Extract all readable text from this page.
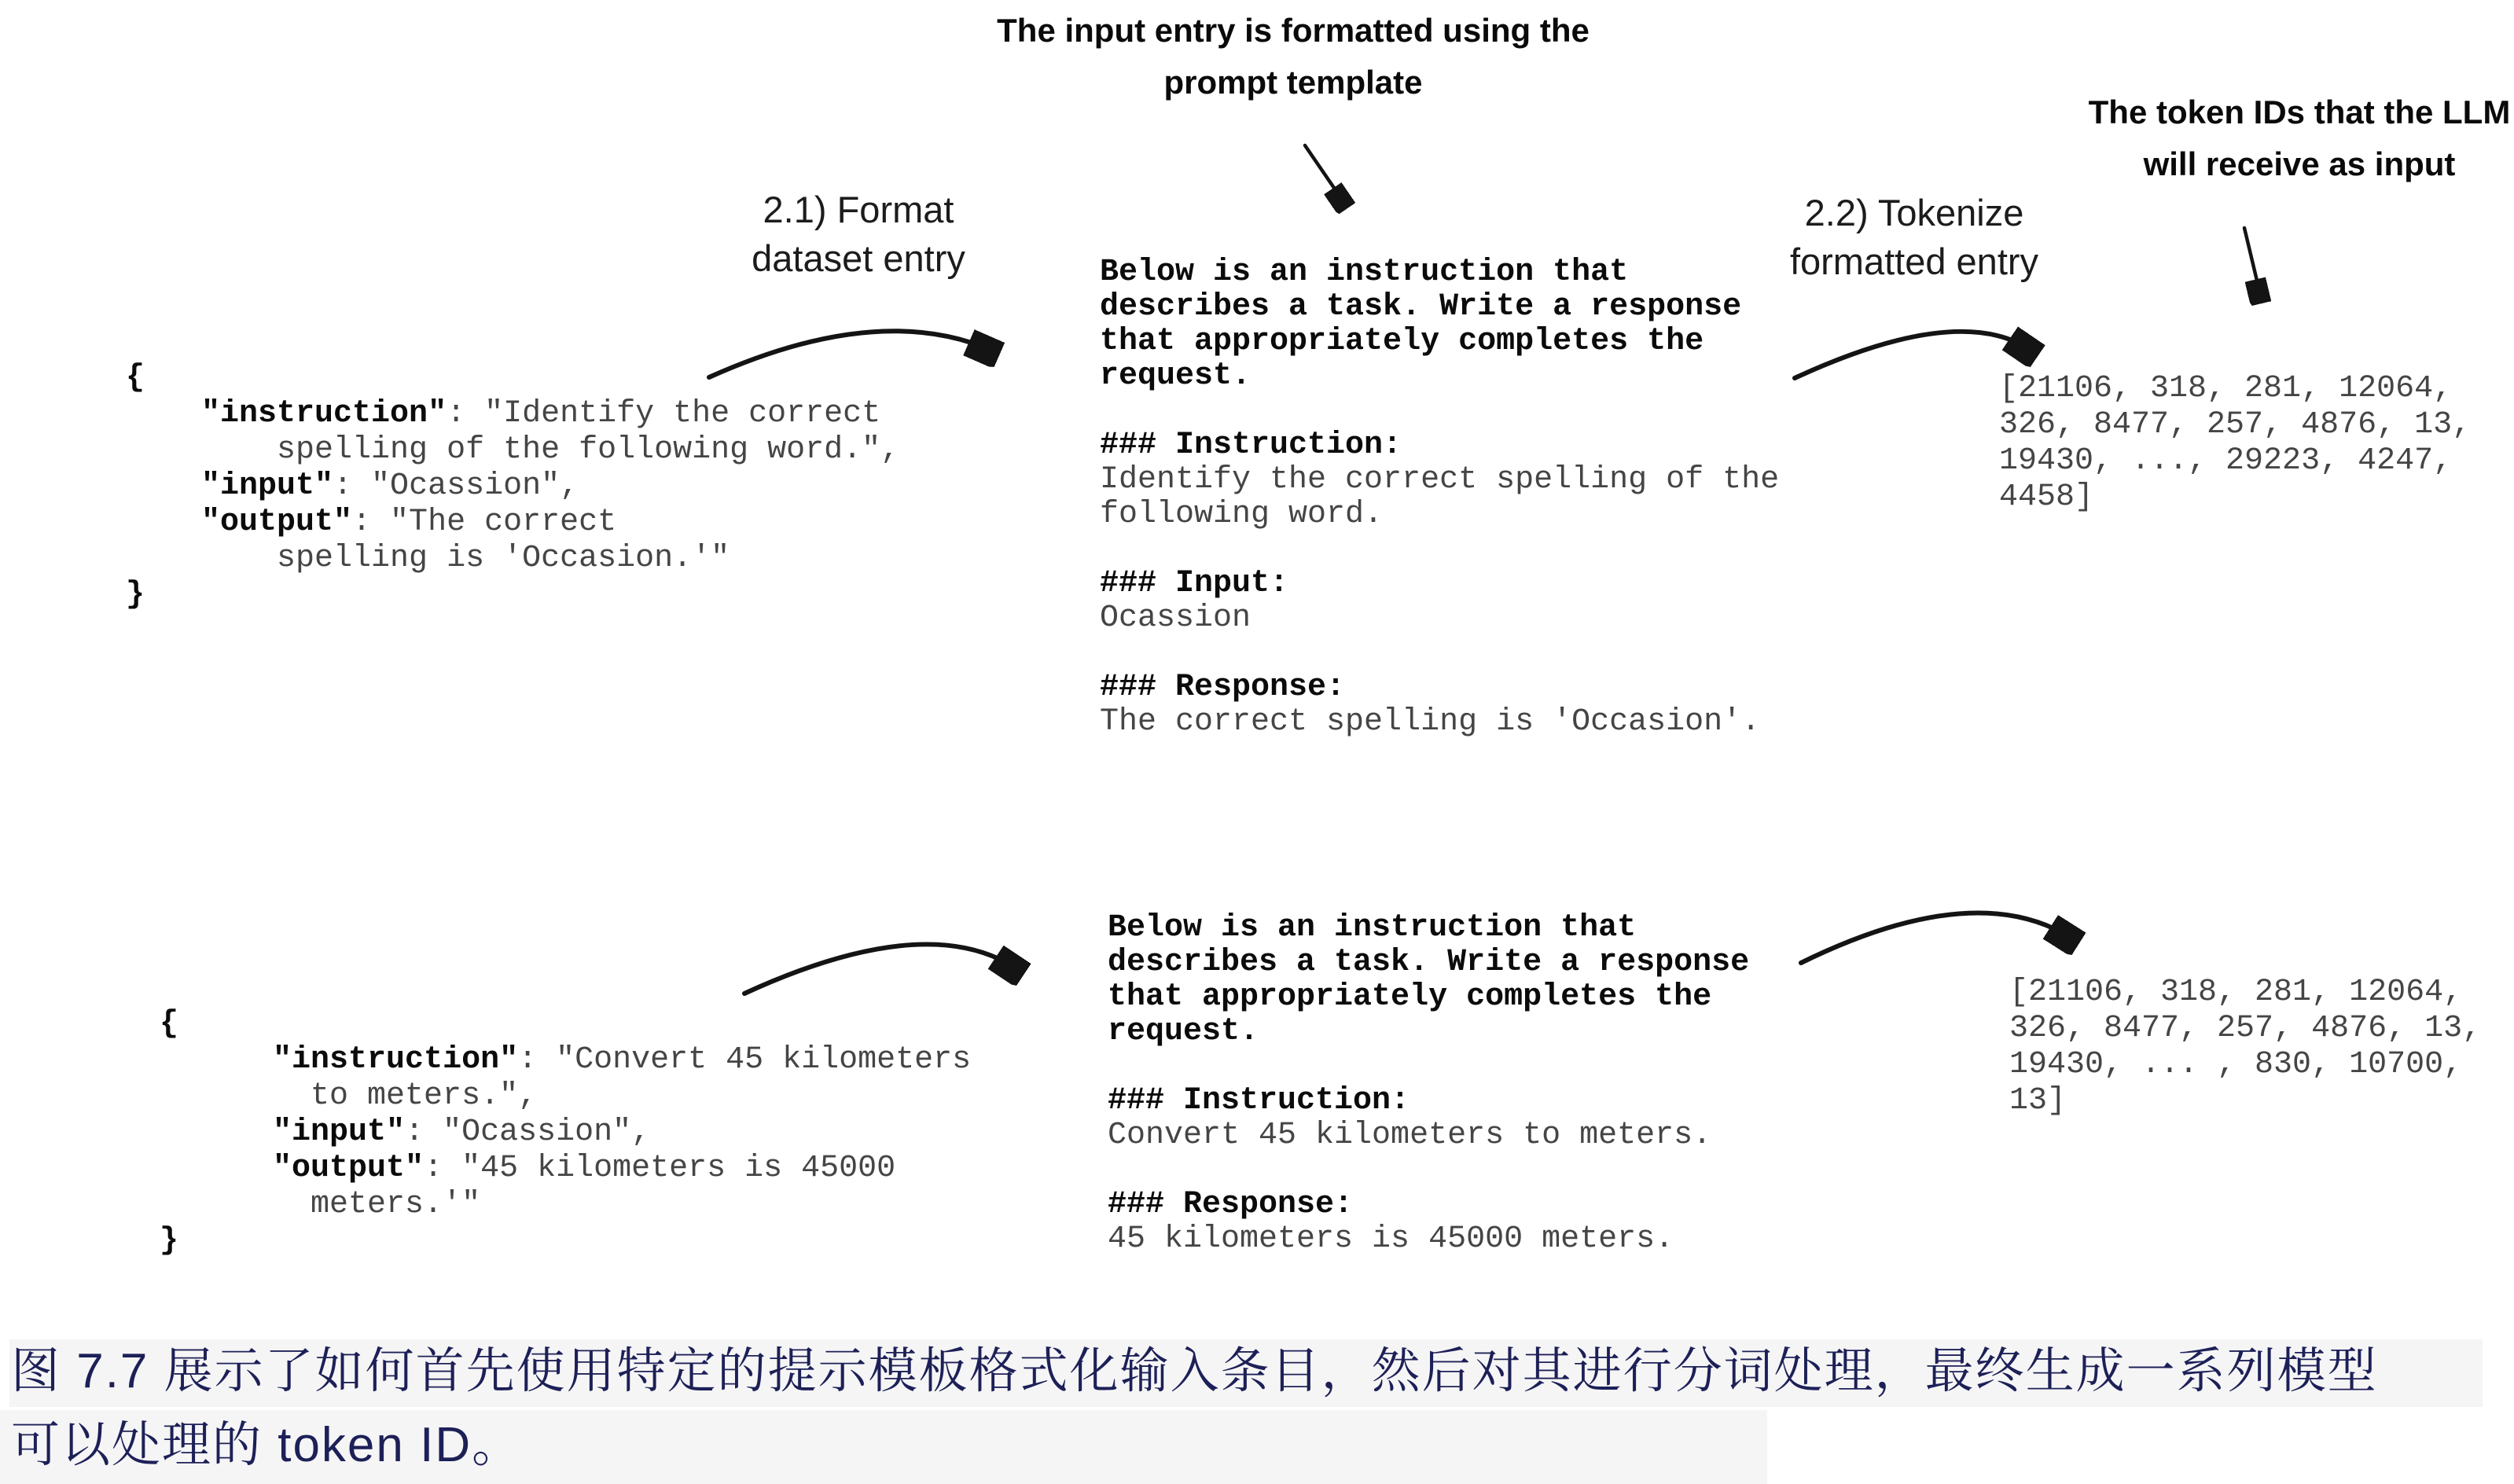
The input entry is formatted using the
prompt template
The token IDs that the LLM
will receive as input
2.1) Format
dataset entry
2.2) Tokenize
formatted entry
{
"instruction": "Identify the correct
spelling of the following word.",
"input": "Ocassion",
"output": "The correct
spelling is 'Occasion.'"
}
Below is an instruction that
describes a task. Write a response
that appropriately completes the
request.

### Instruction:
Identify the correct spelling of the
following word.

### Input:
Ocassion

### Response:
The correct spelling is 'Occasion'.
[21106, 318, 281, 12064,
326, 8477, 257, 4876, 13,
19430, ..., 29223, 4247,
4458]
{
"instruction": "Convert 45 kilometers
to meters.",
"input": "Ocassion",
"output": "45 kilometers is 45000
meters.'"
}
Below is an instruction that
describes a task. Write a response
that appropriately completes the
request.

### Instruction:
Convert 45 kilometers to meters.

### Response:
45 kilometers is 45000 meters.
[21106, 318, 281, 12064,
326, 8477, 257, 4876, 13,
19430, ... , 830, 10700,
13]
图 7.7 展示了如何首先使用特定的提示模板格式化输入条目，然后对其进行分词处理，最终生成一系列模型
可以处理的 token ID。
